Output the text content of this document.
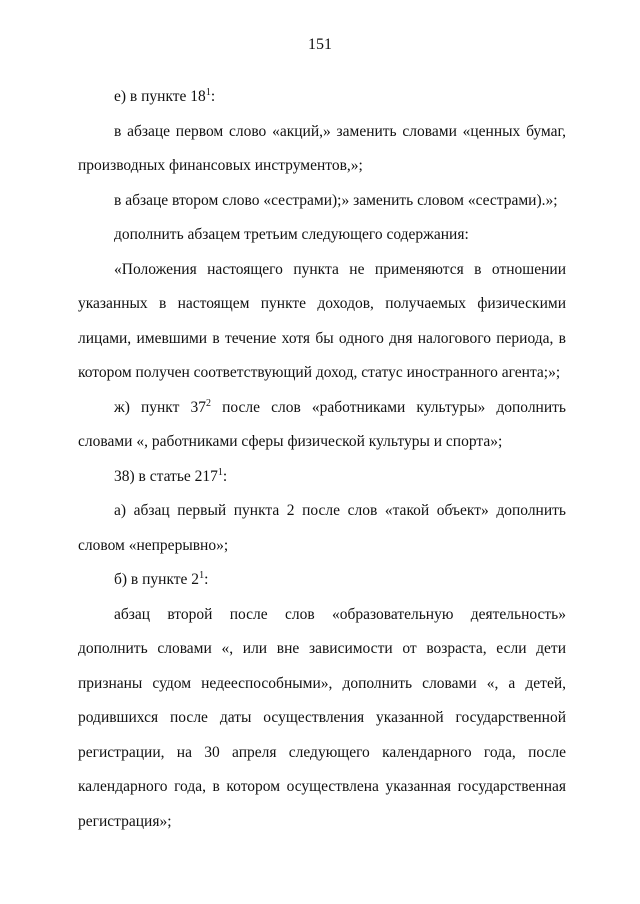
151

е) в пункте $18^1$:

в абзаце первом слово «акций,» заменить словами «ценных бумаг, производных финансовых инструментов,»;

в абзаце втором слово «сестрами);» заменить словом «сестрами).»;

дополнить абзацем третьим следующего содержания:

«Положения настоящего пункта не применяются в отношении указанных в настоящем пункте доходов, получаемых физическими лицами, имевшими в течение хотя бы одного дня налогового периода, в котором получен соответствующий доход, статус иностранного агента;»;

ж) пункт $37^2$ после слов «работниками культуры» дополнить словами «, работниками сферы физической культуры и спорта»;

38) в статье $217^1$:

а) абзац первый пункта 2 после слов «такой объект» дополнить словом «непрерывно»;

б) в пункте $2^1$:

абзац второй после слов «образовательную деятельность» дополнить словами «, или вне зависимости от возраста, если дети признаны судом недееспособными», дополнить словами «, а детей, родившихся после даты осуществления указанной государственной регистрации, на 30 апреля следующего календарного года, после календарного года, в котором осуществлена указанная государственная регистрация»;
